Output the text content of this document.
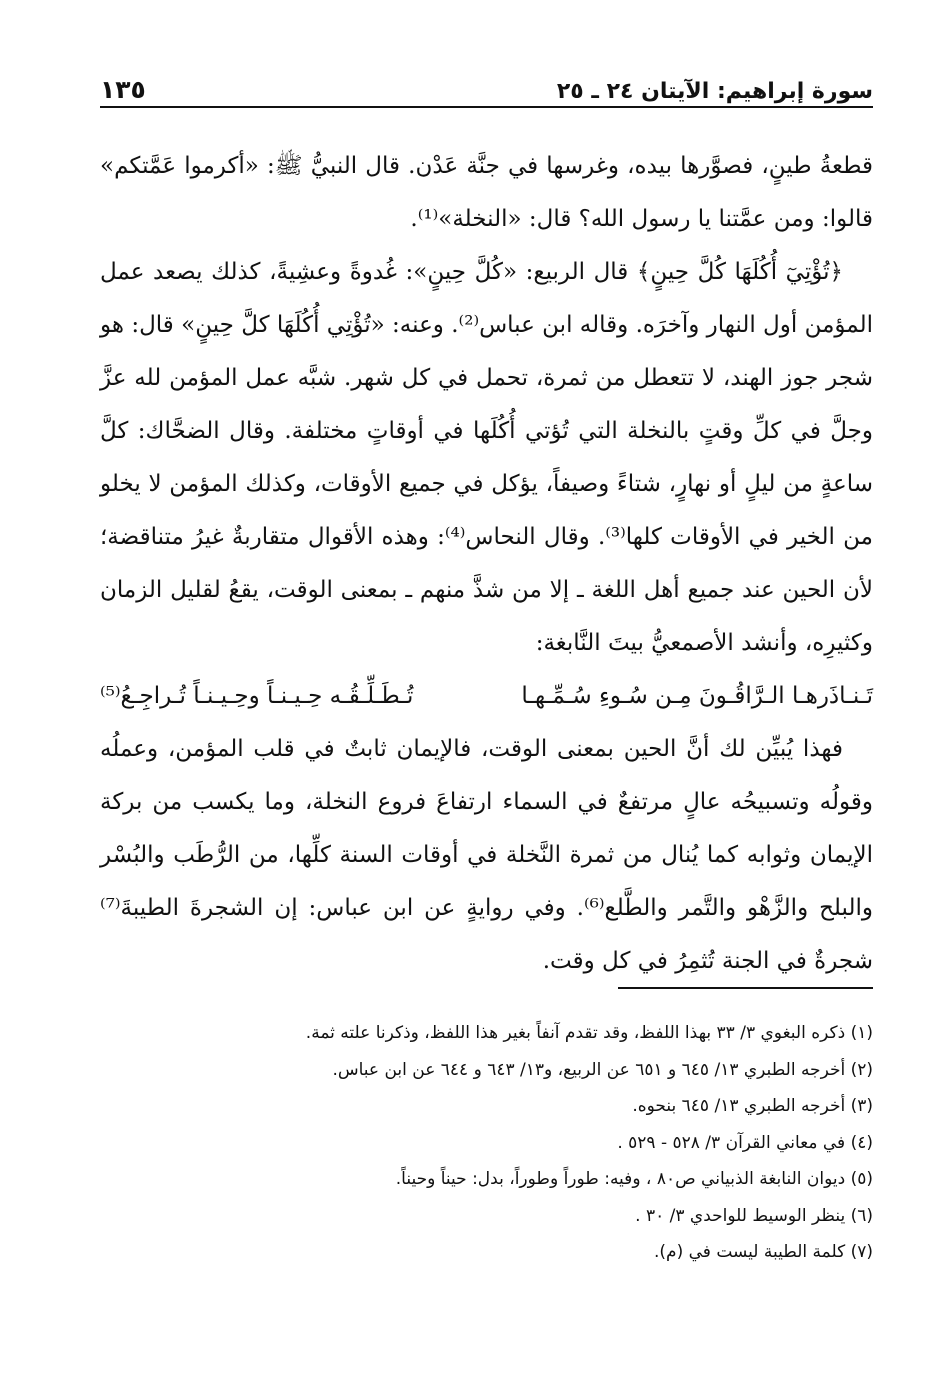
سورة إبراهيم: الآيتان ٢٤ ـ ٢٥
١٣٥

قطعةُ طينٍ، فصوَّرها بيده، وغرسها في جنَّة عَدْن. قال النبيُّ ﷺ: «أكرموا عَمَّتكم» قالوا: ومن عمَّتنا يا رسول الله؟ قال: «النخلة»⁽¹⁾.

﴿تُؤْتِيٓ أُكُلَهَا كُلَّ حِينٍ﴾ قال الربيع: «كُلَّ حِينٍ»: غُدوةً وعشِيةً، كذلك يصعد عمل المؤمن أول النهار وآخرَه. وقاله ابن عباس⁽²⁾. وعنه: «تُؤْتِي أُكُلَهَا كلَّ حِينٍ» قال: هو شجر جوز الهند، لا تتعطل من ثمرة، تحمل في كل شهر. شبَّه عمل المؤمن لله عزَّ وجلَّ في كلِّ وقتٍ بالنخلة التي تُؤتي أُكُلَها في أوقاتٍ مختلفة. وقال الضحَّاك: كلَّ ساعةٍ من ليلٍ أو نهارٍ، شتاءً وصيفاً، يؤكل في جميع الأوقات، وكذلك المؤمن لا يخلو من الخير في الأوقات كلها⁽³⁾. وقال النحاس⁽⁴⁾: وهذه الأقوال متقاربةٌ غيرُ متناقضة؛ لأن الحين عند جميع أهل اللغة ـ إلا من شذَّ منهم ـ بمعنى الوقت، يقعُ لقليل الزمان وكثيرِه، وأنشد الأصمعيُّ بيتَ النَّابغة:

تَـنـاذَرهـا الـرَّاقُـونَ مِـن سُـوءِ سُـمِّـهـا
تُـطَـلِّـقُـه حِـيـنـاً وحِـيـنـاً تُـراجِـعُ⁽⁵⁾

فهذا يُبيِّن لك أنَّ الحين بمعنى الوقت، فالإيمان ثابتٌ في قلب المؤمن، وعملُه وقولُه وتسبيحُه عالٍ مرتفعٌ في السماء ارتفاعَ فروع النخلة، وما يكسب من بركة الإيمان وثوابه كما يُنال من ثمرة النَّخلة في أوقات السنة كلِّها، من الرُّطَب والبُسْر والبلح والزَّهْو والتَّمر والطَّلع⁽⁶⁾. وفي روايةٍ عن ابن عباس: إن الشجرةَ الطيبةَ⁽⁷⁾ شجرةٌ في الجنة تُثمِرُ في كل وقت.

(١) ذكره البغوي ٣/ ٣٣ بهذا اللفظ، وقد تقدم آنفاً بغير هذا اللفظ، وذكرنا علته ثمة.
(٢) أخرجه الطبري ١٣/ ٦٤٥ و ٦٥١ عن الربيع، و١٣/ ٦٤٣ و ٦٤٤ عن ابن عباس.
(٣) أخرجه الطبري ١٣/ ٦٤٥ بنحوه.
(٤) في معاني القرآن ٣/ ٥٢٨ - ٥٢٩ .
(٥) ديوان النابغة الذبياني ص٨٠ ، وفيه: طوراً وطوراً، بدل: حيناً وحيناً.
(٦) ينظر الوسيط للواحدي ٣/ ٣٠ .
(٧) كلمة الطيبة ليست في (م).
